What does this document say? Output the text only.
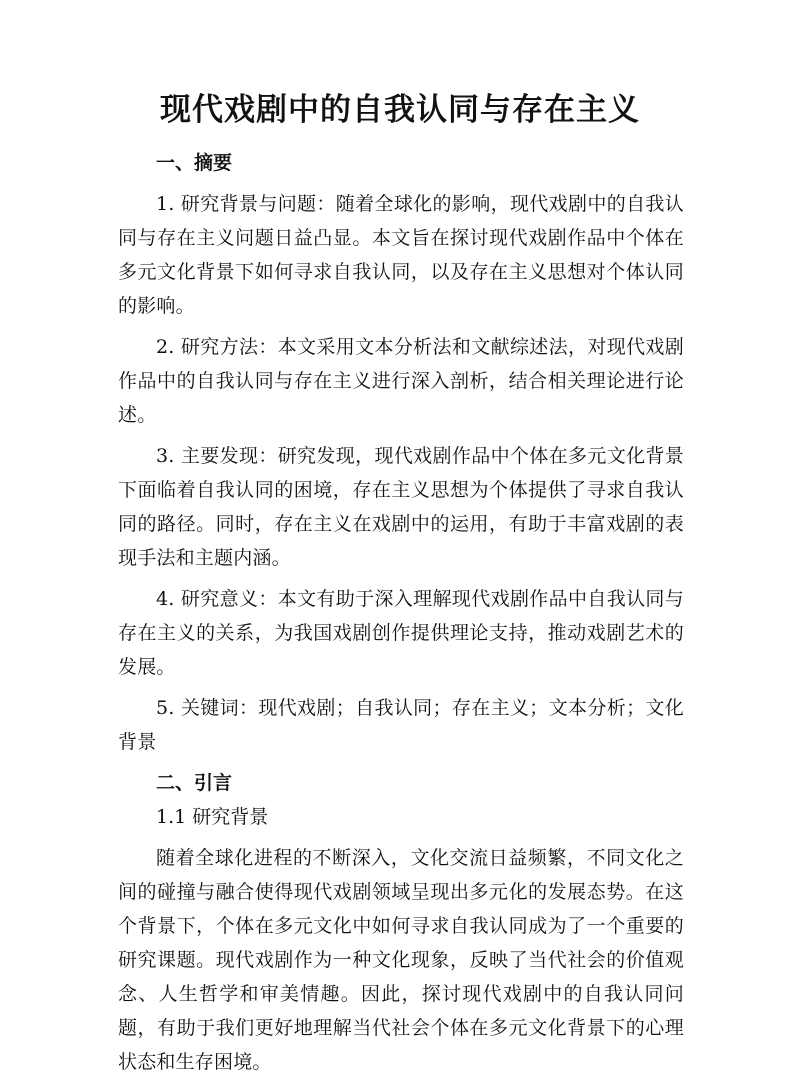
现代戏剧中的自我认同与存在主义

一、摘要

1. 研究背景与问题：随着全球化的影响，现代戏剧中的自我认同与存在主义问题日益凸显。本文旨在探讨现代戏剧作品中个体在多元文化背景下如何寻求自我认同，以及存在主义思想对个体认同的影响。

2. 研究方法：本文采用文本分析法和文献综述法，对现代戏剧作品中的自我认同与存在主义进行深入剖析，结合相关理论进行论述。

3. 主要发现：研究发现，现代戏剧作品中个体在多元文化背景下面临着自我认同的困境，存在主义思想为个体提供了寻求自我认同的路径。同时，存在主义在戏剧中的运用，有助于丰富戏剧的表现手法和主题内涵。

4. 研究意义：本文有助于深入理解现代戏剧作品中自我认同与存在主义的关系，为我国戏剧创作提供理论支持，推动戏剧艺术的发展。

5. 关键词：现代戏剧；自我认同；存在主义；文本分析；文化背景

二、引言

1.1 研究背景

随着全球化进程的不断深入，文化交流日益频繁，不同文化之间的碰撞与融合使得现代戏剧领域呈现出多元化的发展态势。在这个背景下，个体在多元文化中如何寻求自我认同成为了一个重要的研究课题。现代戏剧作为一种文化现象，反映了当代社会的价值观念、人生哲学和审美情趣。因此，探讨现代戏剧中的自我认同问题，有助于我们更好地理解当代社会个体在多元文化背景下的心理状态和生存困境。
